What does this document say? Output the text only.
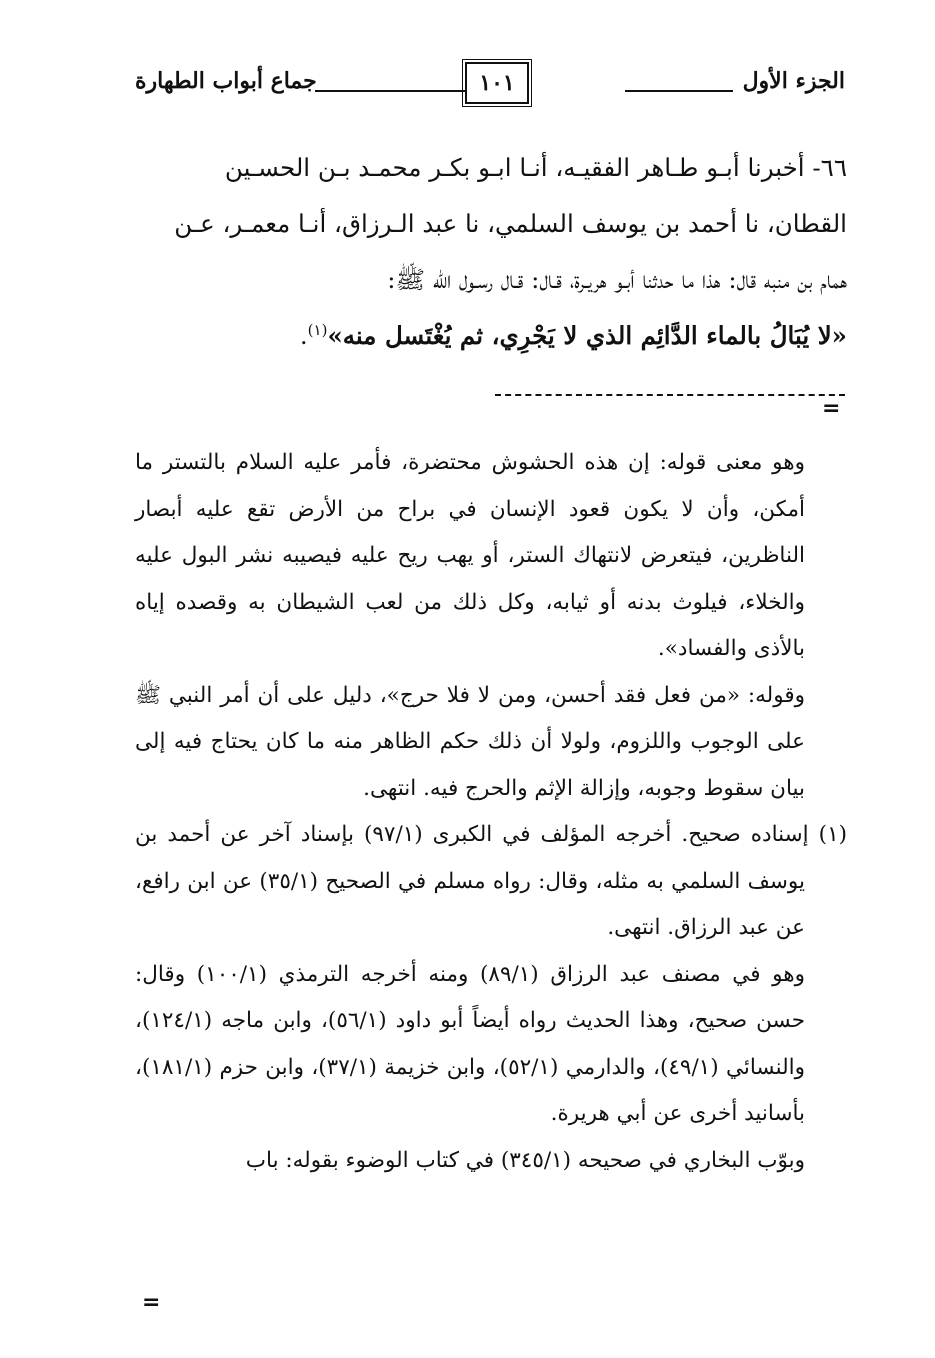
الجزء الأول
١٠١
جماع أبواب الطهارة

٦٦- أخبرنا أبـو طـاهر الفقيـه، أنـا ابـو بكـر محمـد بـن الحسـين

القطان، نا أحمد بن يوسف السلمي، نا عبد الـرزاق، أنـا معمـر، عـن

همام بن منبه قال: هذا ما حدثنا أبـو هريـرة، قـال: قـال رسـول الله ﷺ:

«لا يُبَالُ بالماء الدَّائِم الذي لا يَجْرِي، ثم يُغْتَسل منه»$^{(١)}$.

=

وهو معنى قوله: إن هذه الحشوش محتضرة، فأمر عليه السلام بالتستر ما أمكن، وأن لا يكون قعود الإنسان في براح من الأرض تقع عليه أبصار الناظرين، فيتعرض لانتهاك الستر، أو يهب ريح عليه فيصيبه نشر البول عليه والخلاء، فيلوث بدنه أو ثيابه، وكل ذلك من لعب الشيطان به وقصده إياه بالأذى والفساد».

وقوله: «من فعل فقد أحسن، ومن لا فلا حرج»، دليل على أن أمر النبي ﷺ على الوجوب واللزوم، ولولا أن ذلك حكم الظاهر منه ما كان يحتاج فيه إلى بيان سقوط وجوبه، وإزالة الإثم والحرج فيه. انتهى.

(١) إسناده صحيح. أخرجه المؤلف في الكبرى (٩٧/١) بإسناد آخر عن أحمد بن يوسف السلمي به مثله، وقال: رواه مسلم في الصحيح (٣٥/١) عن ابن رافع، عن عبد الرزاق. انتهى.

وهو في مصنف عبد الرزاق (٨٩/١) ومنه أخرجه الترمذي (١٠٠/١) وقال: حسن صحيح، وهذا الحديث رواه أيضاً أبو داود (٥٦/١)، وابن ماجه (١٢٤/١)، والنسائي (٤٩/١)، والدارمي (٥٢/١)، وابن خزيمة (٣٧/١)، وابن حزم (١٨١/١)، بأسانيد أخرى عن أبي هريرة.

وبوّب البخاري في صحيحه (٣٤٥/١) في كتاب الوضوء بقوله: باب

=
